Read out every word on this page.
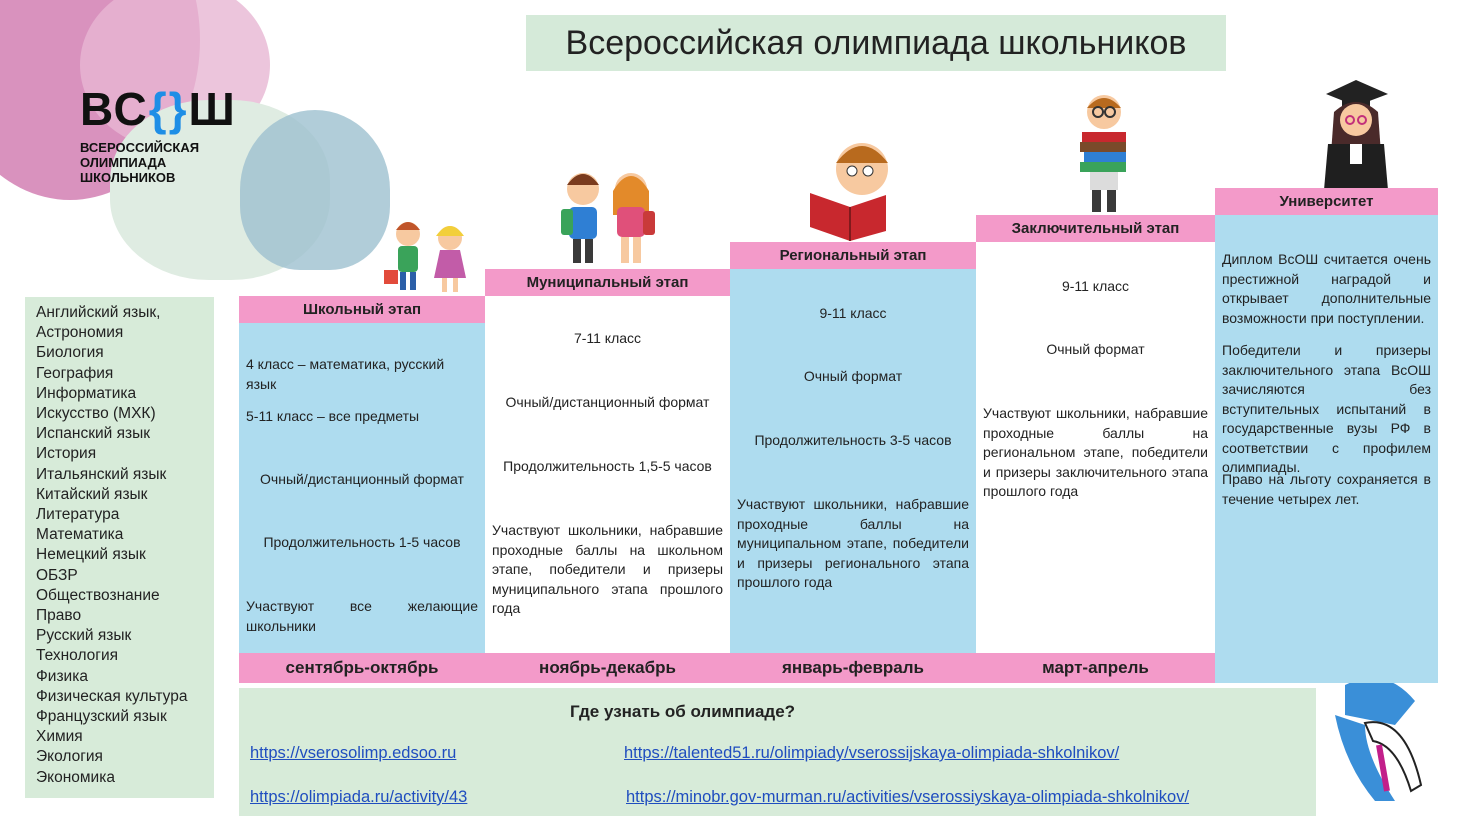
ВС{}Ш
ВСЕРОССИЙСКАЯ
ОЛИМПИАДА
ШКОЛЬНИКОВ
Всероссийская олимпиада школьников
Английский язык,
Астрономия
Биология
География
Информатика
Искусство (МХК)
Испанский язык
История
Итальянский язык
Китайский язык
Литература
Математика
Немецкий язык
ОБЗР
Обществознание
Право
Русский язык
Технология
Физика
Физическая культура
Французский язык
Химия
Экология
Экономика
Школьный этап
4 класс – математика, русский язык
5-11 класс – все предметы
Очный/дистанционный формат
Продолжительность 1-5 часов
Участвуют все желающие школьники
сентябрь-октябрь
Муниципальный этап
7-11 класс
Очный/дистанционный формат
Продолжительность 1,5-5 часов
Участвуют школьники, набравшие проходные баллы на школьном этапе, победители и призеры муниципального этапа прошлого года
ноябрь-декабрь
Региональный этап
9-11 класс
Очный формат
Продолжительность 3-5 часов
Участвуют школьники, набравшие проходные баллы на муниципальном этапе, победители и призеры регионального этапа прошлого года
январь-февраль
Заключительный этап
9-11 класс
Очный формат
Участвуют школьники, набравшие проходные баллы на региональном этапе, победители и призеры заключительного этапа прошлого года
март-апрель
Университет
Диплом ВсОШ считается очень престижной наградой и открывает дополнительные возможности при поступлении.
Победители и призеры заключительного этапа ВсОШ зачисляются без вступительных испытаний в государственные вузы РФ в соответствии с профилем олимпиады.
Право на льготу сохраняется в течение четырех лет.
Где узнать об олимпиаде?
https://vserosolimp.edsoo.ru	https://talented51.ru/olimpiady/vserossijskaya-olimpiada-shkolnikov/
https://olimpiada.ru/activity/43	https://minobr.gov-murman.ru/activities/vserossiyskaya-olimpiada-shkolnikov/
